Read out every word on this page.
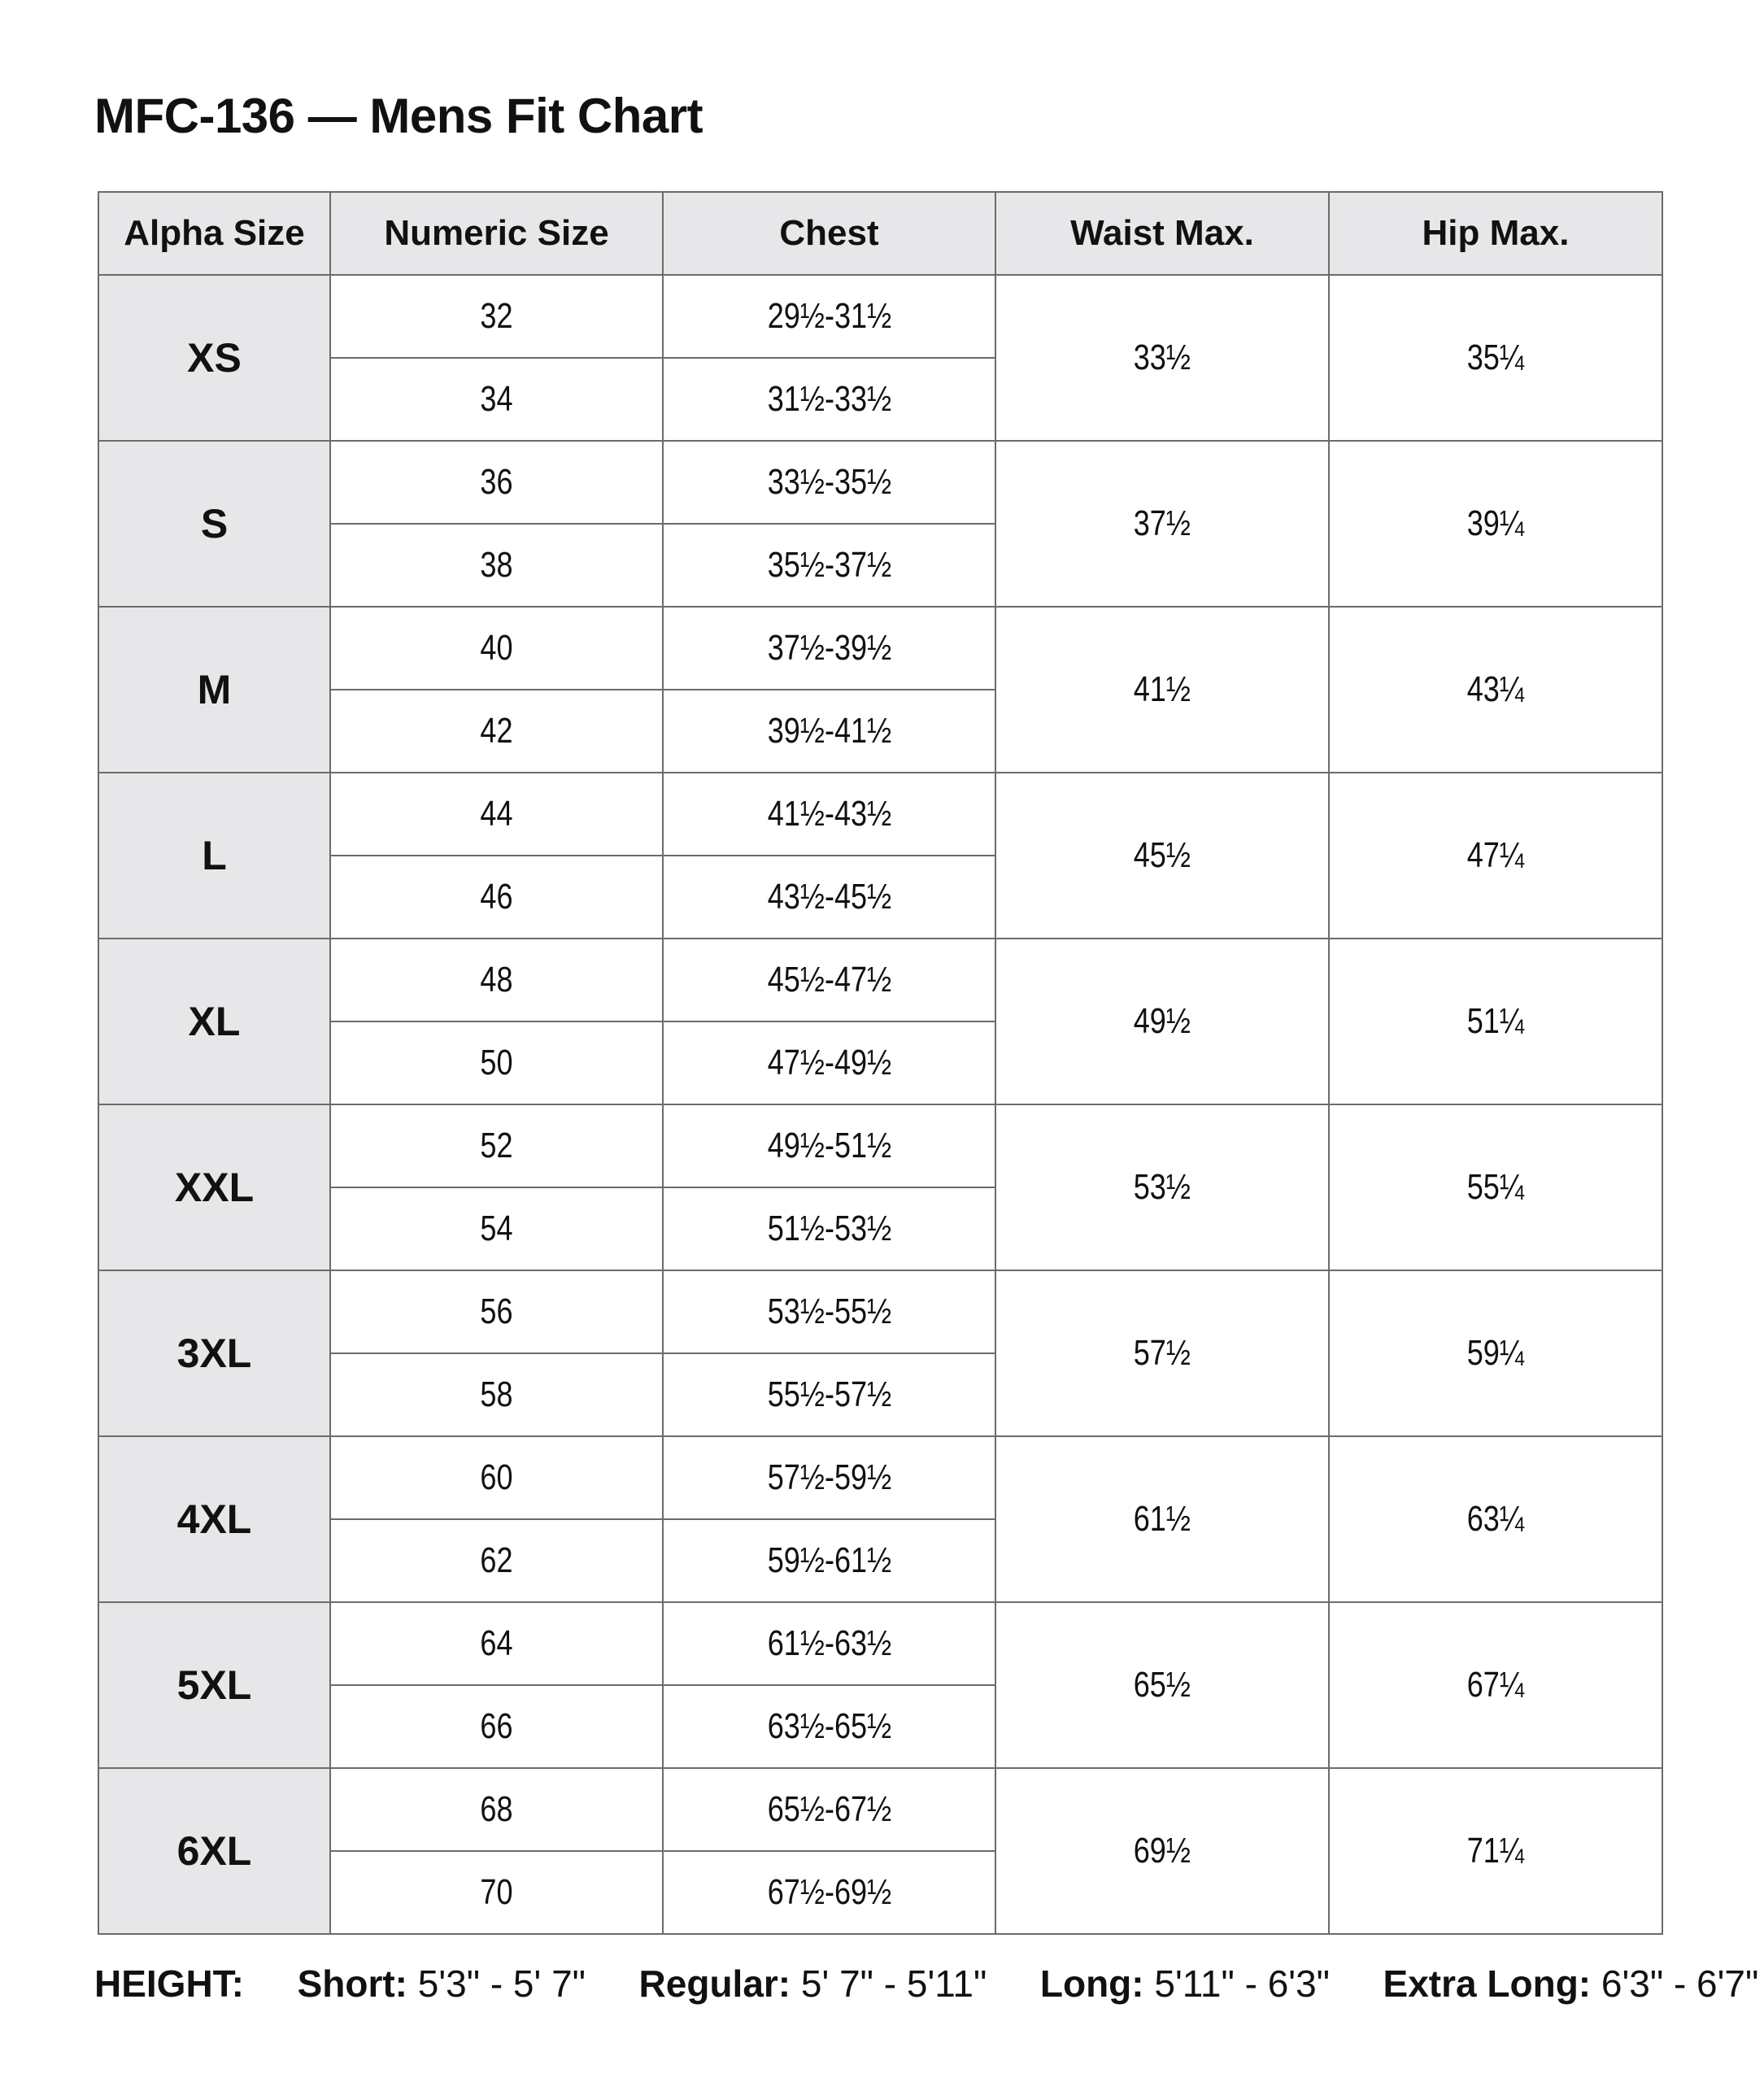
MFC-136 — Mens Fit Chart
Alpha Size	Numeric Size	Chest	Waist Max.	Hip Max.
XS	32	29½-31½	33½	35¼
	34	31½-33½		
S	36	33½-35½	37½	39¼
	38	35½-37½		
M	40	37½-39½	41½	43¼
	42	39½-41½		
L	44	41½-43½	45½	47¼
	46	43½-45½		
XL	48	45½-47½	49½	51¼
	50	47½-49½		
XXL	52	49½-51½	53½	55¼
	54	51½-53½		
3XL	56	53½-55½	57½	59¼
	58	55½-57½		
4XL	60	57½-59½	61½	63¼
	62	59½-61½		
5XL	64	61½-63½	65½	67¼
	66	63½-65½		
6XL	68	65½-67½	69½	71¼
	70	67½-69½		
HEIGHT: Short: 5'3" - 5' 7" Regular: 5' 7" - 5'11" Long: 5'11" - 6'3" Extra Long: 6'3" - 6'7"
